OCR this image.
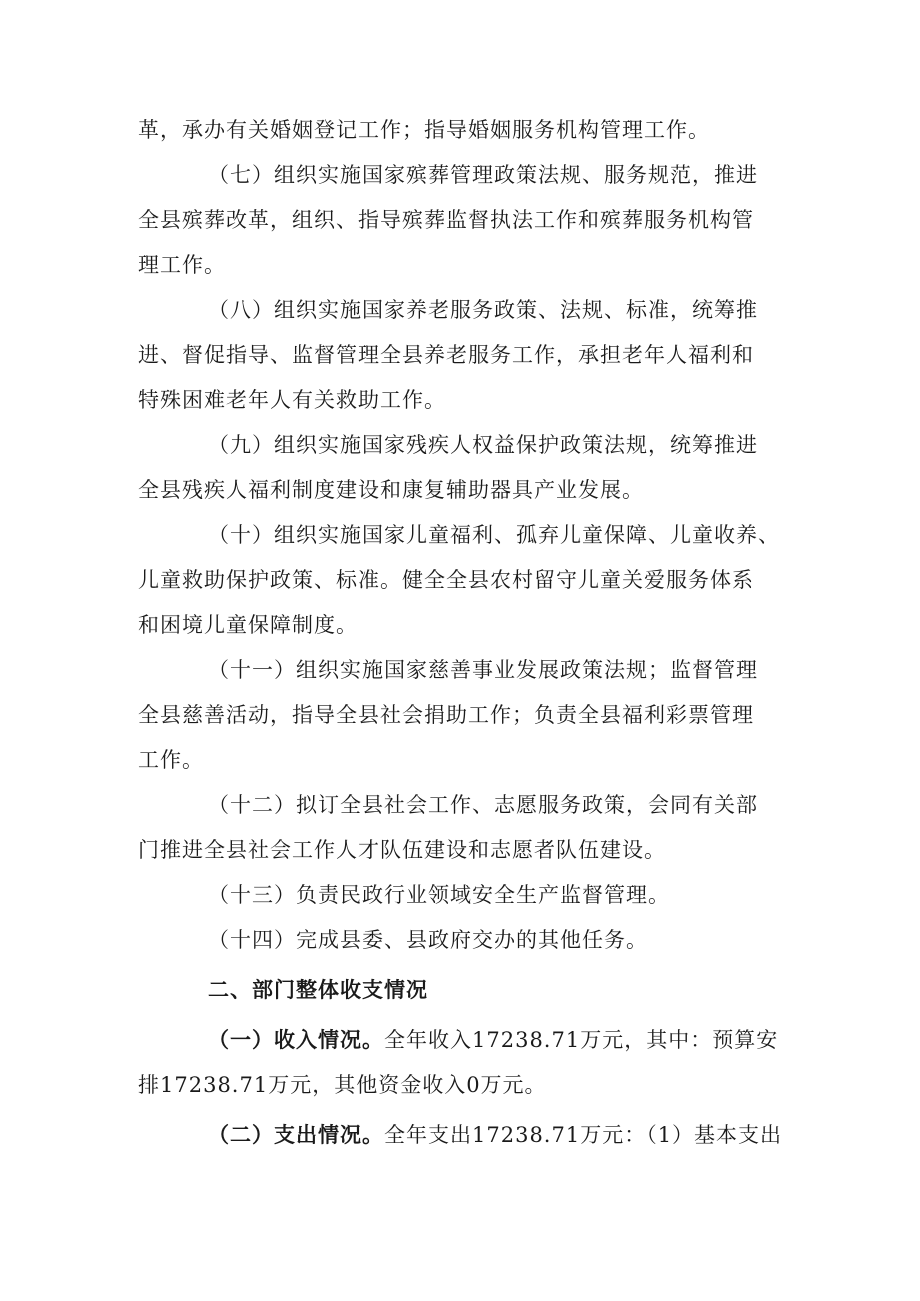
革，承办有关婚姻登记工作；指导婚姻服务机构管理工作。
（七）组织实施国家殡葬管理政策法规、服务规范，推进
全县殡葬改革，组织、指导殡葬监督执法工作和殡葬服务机构管
理工作。
（八）组织实施国家养老服务政策、法规、标准，统筹推
进、督促指导、监督管理全县养老服务工作，承担老年人福利和
特殊困难老年人有关救助工作。
（九）组织实施国家残疾人权益保护政策法规，统筹推进
全县残疾人福利制度建设和康复辅助器具产业发展。
（十）组织实施国家儿童福利、孤弃儿童保障、儿童收养、
儿童救助保护政策、标准。健全全县农村留守儿童关爱服务体系
和困境儿童保障制度。
（十一）组织实施国家慈善事业发展政策法规；监督管理
全县慈善活动，指导全县社会捐助工作；负责全县福利彩票管理
工作。
（十二）拟订全县社会工作、志愿服务政策，会同有关部
门推进全县社会工作人才队伍建设和志愿者队伍建设。
（十三）负责民政行业领域安全生产监督管理。
（十四）完成县委、县政府交办的其他任务。
二、部门整体收支情况
（一）收入情况。全年收入17238.71万元，其中：预算安
排17238.71万元，其他资金收入0万元。
（二）支出情况。全年支出17238.71万元：（1）基本支出
